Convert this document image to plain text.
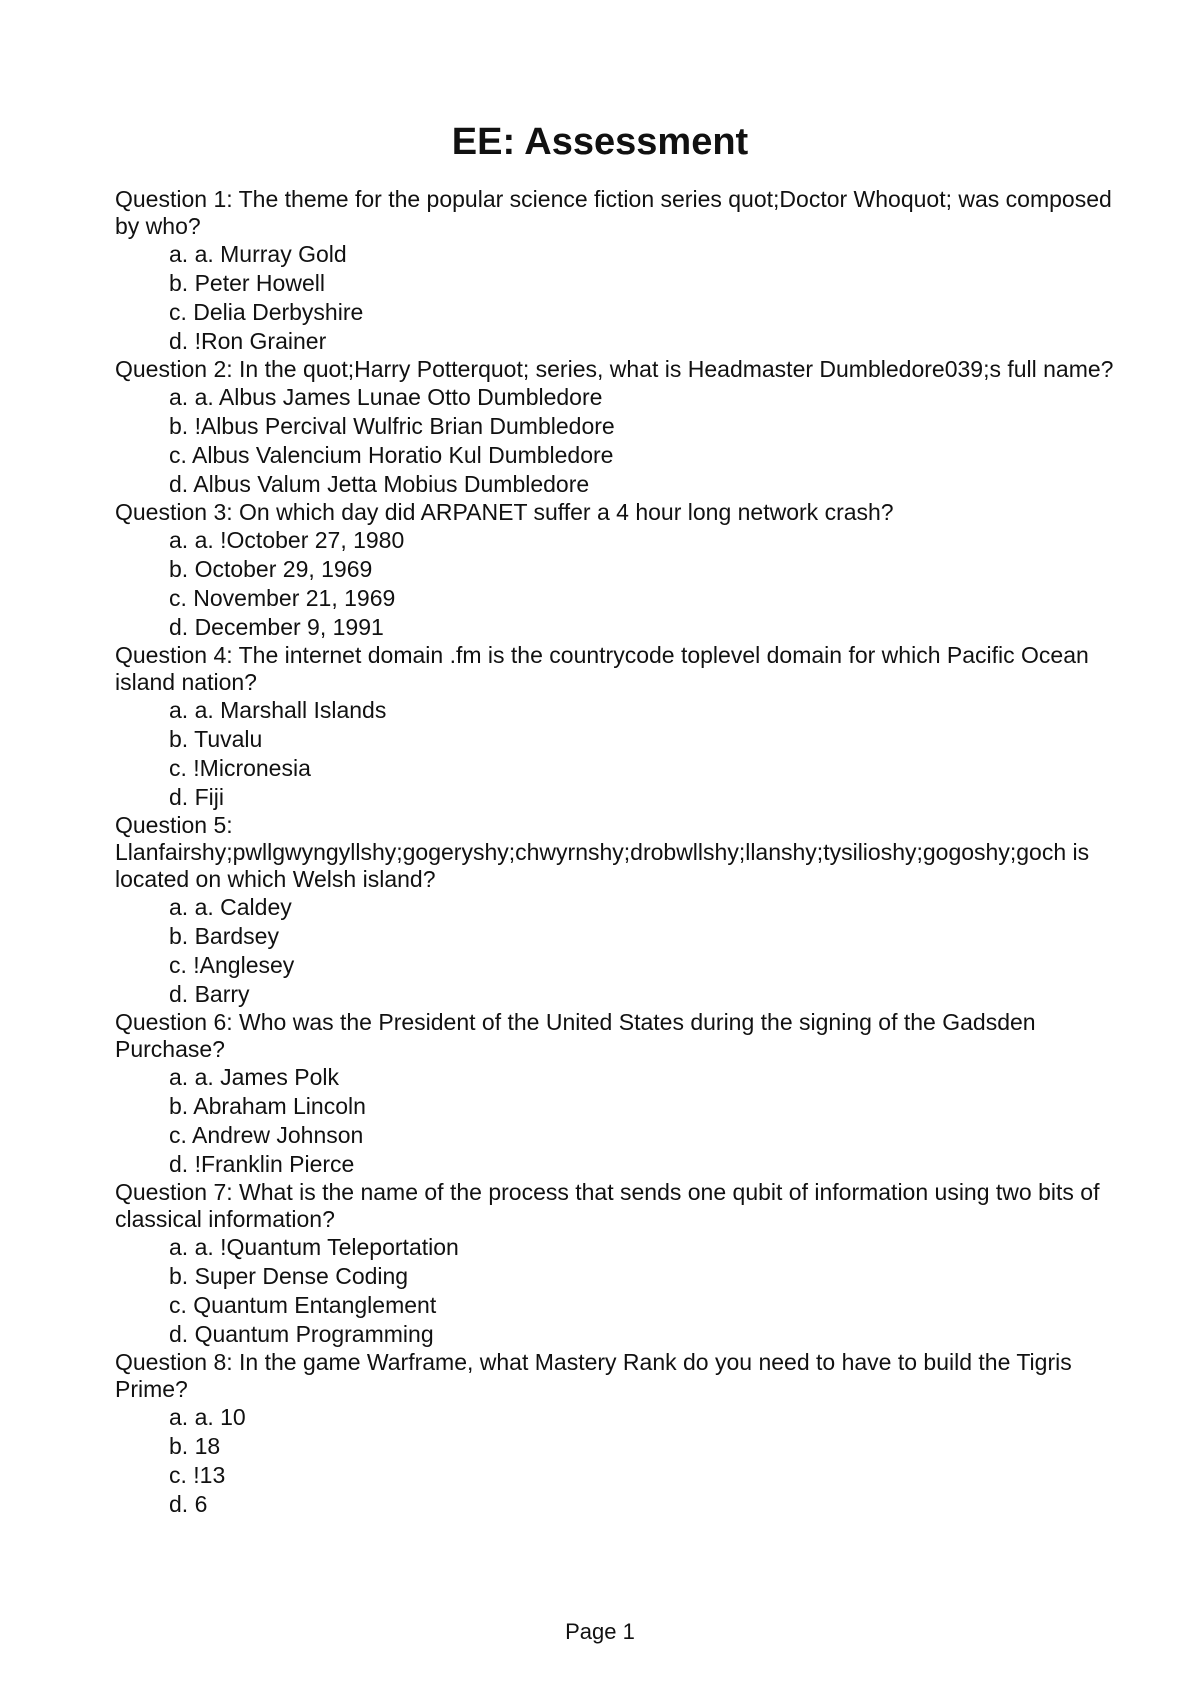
EE: Assessment
Question 1: The theme for the popular science fiction series quot;Doctor Whoquot; was composed by who?
a. a. Murray Gold
b. Peter Howell
c. Delia Derbyshire
d. !Ron Grainer
Question 2: In the quot;Harry Potterquot; series, what is Headmaster Dumbledore039;s full name?
a. a. Albus James Lunae Otto Dumbledore
b. !Albus Percival Wulfric Brian Dumbledore
c. Albus Valencium Horatio Kul Dumbledore
d. Albus Valum Jetta Mobius Dumbledore
Question 3: On which day did ARPANET suffer a 4 hour long network crash?
a. a. !October 27, 1980
b. October 29, 1969
c. November 21, 1969
d. December 9, 1991
Question 4: The internet domain .fm is the countrycode toplevel domain for which Pacific Ocean island nation?
a. a. Marshall Islands
b. Tuvalu
c. !Micronesia
d. Fiji
Question 5:
Llanfairshy;pwllgwyngyllshy;gogeryshy;chwyrnshy;drobwllshy;llanshy;tysilioshy;gogoshy;goch is located on which Welsh island?
a. a. Caldey
b. Bardsey
c. !Anglesey
d. Barry
Question 6: Who was the President of the United States during the signing of the Gadsden Purchase?
a. a. James Polk
b. Abraham Lincoln
c. Andrew Johnson
d. !Franklin Pierce
Question 7: What is the name of the process that sends one qubit of information using two bits of classical information?
a. a. !Quantum Teleportation
b. Super Dense Coding
c. Quantum Entanglement
d. Quantum Programming
Question 8: In the game Warframe, what Mastery Rank do you need to have to build the Tigris Prime?
a. a. 10
b. 18
c. !13
d. 6
Page 1
